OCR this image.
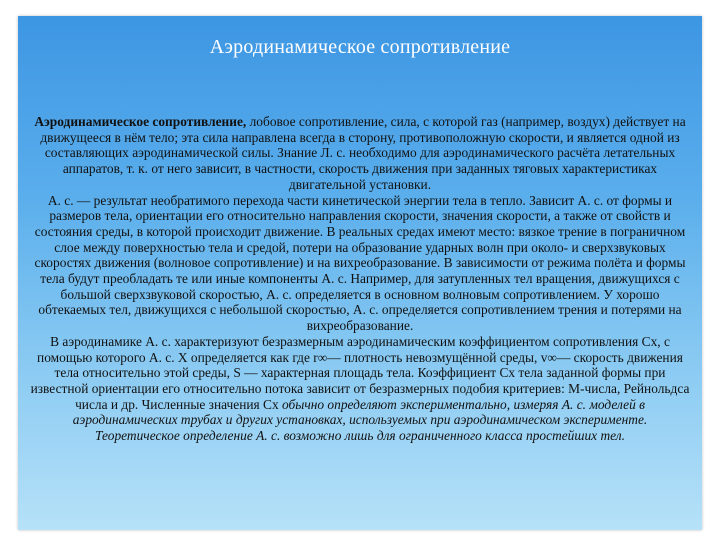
Аэродинамическое сопротивление

Аэродинамическое сопротивление, лобовое сопротивление, сила, с которой газ (например, воздух) действует на движущееся в нём тело; эта сила направлена всегда в сторону, противоположную скорости, и является одной из составляющих аэродинамической силы. Знание Л. с. необходимо для аэродинамического расчёта летательных аппаратов, т. к. от него зависит, в частности, скорость движения при заданных тяговых характеристиках двигательной установки.

А. с. — результат необратимого перехода части кинетической энергии тела в тепло. Зависит А. с. от формы и размеров тела, ориентации его относительно направления скорости, значения скорости, а также от свойств и состояния среды, в которой происходит движение. В реальных средах имеют место: вязкое трение в пограничном слое между поверхностью тела и средой, потери на образование ударных волн при около- и сверхзвуковых скоростях движения (волновое сопротивление) и на вихреобразование. В зависимости от режима полёта и формы тела будут преобладать те или иные компоненты А. с. Например, для затупленных тел вращения, движущихся с большой сверхзвуковой скоростью, А. с. определяется в основном волновым сопротивлением. У хорошо обтекаемых тел, движущихся с небольшой скоростью, А. с. определяется сопротивлением трения и потерями на вихреобразование.

В аэродинамике А. с. характеризуют безразмерным аэродинамическим коэффициентом сопротивления Сх, с помощью которого А. с. X определяется как где r∞— плотность невозмущённой среды, v∞— скорость движения тела относительно этой среды, S — характерная площадь тела. Коэффициент Сх тела заданной формы при известной ориентации его относительно потока зависит от безразмерных подобия критериев: М-числа, Рейнольдса числа и др. Численные значения Сх обычно определяют экспериментально, измеряя А. с. моделей в аэродинамических трубах и других установках, используемых при аэродинамическом эксперименте. Теоретическое определение А. с. возможно лишь для ограниченного класса простейших тел.
